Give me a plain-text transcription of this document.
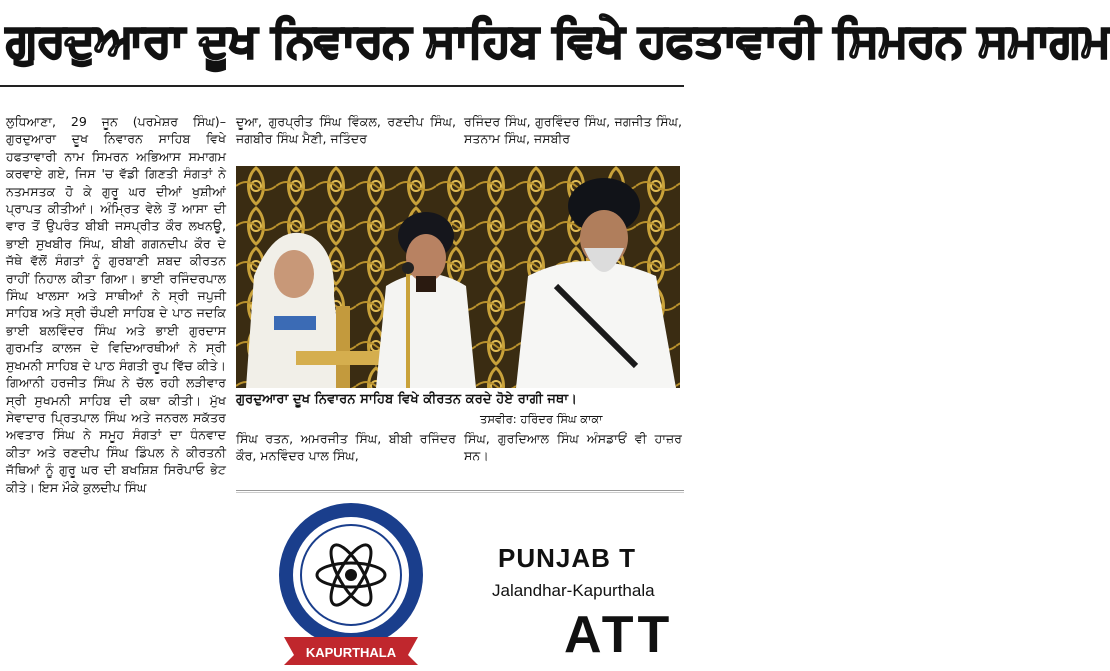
ਗੁਰਦੁਆਰਾ ਦੂਖ ਨਿਵਾਰਨ ਸਾਹਿਬ ਵਿਖੇ ਹਫਤਾਵਾਰੀ ਸਿਮਰਨ ਸਮਾਗਮ
ਲੁਧਿਆਣਾ, 29 ਜੂਨ (ਪਰਮੇਸ਼ਰ ਸਿੰਘ)–ਗੁਰਦੁਆਰਾ ਦੂਖ ਨਿਵਾਰਨ ਸਾਹਿਬ ਵਿਖੇ ਹਫਤਾਵਾਰੀ ਨਾਮ ਸਿਮਰਨ ਅਭਿਆਸ ਸਮਾਗਮ ਕਰਵਾਏ ਗਏ, ਜਿਸ 'ਚ ਵੱਡੀ ਗਿਣਤੀ ਸੰਗਤਾਂ ਨੇ ਨਤਮਸਤਕ ਹੋ ਕੇ ਗੁਰੂ ਘਰ ਦੀਆਂ ਖੁਸ਼ੀਆਂ ਪ੍ਰਾਪਤ ਕੀਤੀਆਂ। ਅੰਮ੍ਰਿਤ ਵੇਲੇ ਤੋਂ ਆਸਾ ਦੀ ਵਾਰ ਤੋਂ ਉਪਰੰਤ ਬੀਬੀ ਜਸਪ੍ਰੀਤ ਕੌਰ ਲਖਨਊ, ਭਾਈ ਸੁਖਬੀਰ ਸਿੰਘ, ਬੀਬੀ ਗਗਨਦੀਪ ਕੌਰ ਦੇ ਜੱਥੇ ਵੱਲੋਂ ਸੰਗਤਾਂ ਨੂੰ ਗੁਰਬਾਣੀ ਸ਼ਬਦ ਕੀਰਤਨ ਰਾਹੀਂ ਨਿਹਾਲ ਕੀਤਾ ਗਿਆ। ਭਾਈ ਰਜਿੰਦਰਪਾਲ ਸਿੰਘ ਖਾਲਸਾ ਅਤੇ ਸਾਥੀਆਂ ਨੇ ਸ੍ਰੀ ਜਪੁਜੀ ਸਾਹਿਬ ਅਤੇ ਸ੍ਰੀ ਚੌਪਈ ਸਾਹਿਬ ਦੇ ਪਾਠ ਜਦਕਿ ਭਾਈ ਬਲਵਿੰਦਰ ਸਿੰਘ ਅਤੇ ਭਾਈ ਗੁਰਦਾਸ ਗੁਰਮਤਿ ਕਾਲਜ ਦੇ ਵਿਦਿਆਰਥੀਆਂ ਨੇ ਸ੍ਰੀ ਸੁਖਮਨੀ ਸਾਹਿਬ ਦੇ ਪਾਠ ਸੰਗਤੀ ਰੂਪ ਵਿੱਚ ਕੀਤੇ। ਗਿਆਨੀ ਹਰਜੀਤ ਸਿੰਘ ਨੇ ਚੱਲ ਰਹੀ ਲੜੀਵਾਰ ਸ੍ਰੀ ਸੁਖਮਨੀ ਸਾਹਿਬ ਦੀ ਕਥਾ ਕੀਤੀ। ਮੁੱਖ ਸੇਵਾਦਾਰ ਪ੍ਰਿਤਪਾਲ ਸਿੰਘ ਅਤੇ ਜਨਰਲ ਸਕੱਤਰ ਅਵਤਾਰ ਸਿੰਘ ਨੇ ਸਮੂਹ ਸੰਗਤਾਂ ਦਾ ਧੰਨਵਾਦ ਕੀਤਾ ਅਤੇ ਰਣਦੀਪ ਸਿੰਘ ਡਿੰਪਲ ਨੇ ਕੀਰਤਨੀ ਜੱਥਿਆਂ ਨੂੰ ਗੁਰੂ ਘਰ ਦੀ ਬਖਸ਼ਿਸ਼ ਸਿਰੋਪਾਓ ਭੇਟ ਕੀਤੇ। ਇਸ ਮੌਕੇ ਕੁਲਦੀਪ ਸਿੰਘ
ਦੂਆ, ਗੁਰਪ੍ਰੀਤ ਸਿੰਘ ਵਿੰਕਲ, ਰਣਦੀਪ ਸਿੰਘ, ਜਗਬੀਰ ਸਿੰਘ ਮੈਣੀ, ਜਤਿੰਦਰ
ਰਜਿੰਦਰ ਸਿੰਘ, ਗੁਰਵਿੰਦਰ ਸਿੰਘ, ਜਗਜੀਤ ਸਿੰਘ, ਸਤਨਾਮ ਸਿੰਘ, ਜਸਬੀਰ
ਗੁਰਦੁਆਰਾ ਦੂਖ ਨਿਵਾਰਨ ਸਾਹਿਬ ਵਿਖੇ ਕੀਰਤਨ ਕਰਦੇ ਹੋਏ ਰਾਗੀ ਜਥਾ।
ਤਸਵੀਰ: ਹਰਿੰਦਰ ਸਿੰਘ ਕਾਕਾ
ਸਿੰਘ ਰਤਨ, ਅਮਰਜੀਤ ਸਿੰਘ, ਬੀਬੀ ਰਜਿੰਦਰ ਕੌਰ, ਮਨਵਿੰਦਰ ਪਾਲ ਸਿੰਘ,
ਸਿੰਘ, ਗੁਰਦਿਆਲ ਸਿੰਘ ਅੰਸਡਾਓਂ ਵੀ ਹਾਜ਼ਰ ਸਨ।
KAPURTHALA
PUNJAB T
Jalandhar-Kapurthala
ATT
